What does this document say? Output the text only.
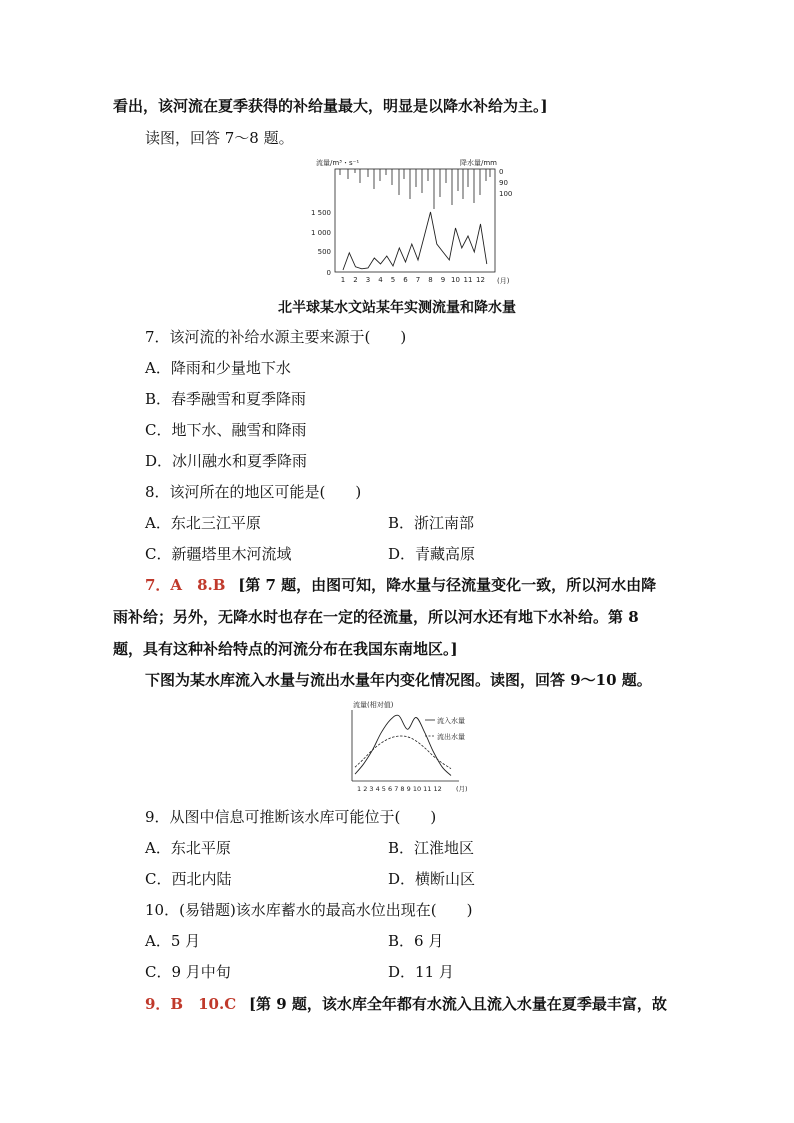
看出，该河流在夏季获得的补给量最大，明显是以降水补给为主。]
读图，回答 7～8 题。
流量/m³・s⁻¹	降水量/mm
1 500
1 000
500
0
0
90
100
1 2 3 4 5 6 7 8 9 10 11 12 (月)
北半球某水文站某年实测流量和降水量
7．该河流的补给水源主要来源于(　　)
A．降雨和少量地下水
B．春季融雪和夏季降雨
C．地下水、融雪和降雨
D．冰川融水和夏季降雨
8．该河所在的地区可能是(　　)
A．东北三江平原	B．浙江南部
C．新疆塔里木河流域	D．青藏高原
7．A　8.B [第 7 题，由图可知，降水量与径流量变化一致，所以河水由降
雨补给；另外，无降水时也存在一定的径流量，所以河水还有地下水补给。第 8
题，具有这种补给特点的河流分布在我国东南地区。]
下图为某水库流入水量与流出水量年内变化情况图。读图，回答 9～10 题。
流量(相对值)
流入水量
流出水量
1 2 3 4 5 6 7 8 9 10 11 12 (月)
9．从图中信息可推断该水库可能位于(　　)
A．东北平原	B．江淮地区
C．西北内陆	D．横断山区
10．(易错题)该水库蓄水的最高水位出现在(　　)
A．5 月	B．6 月
C．9 月中旬	D．11 月
9．B　10.C [第 9 题，该水库全年都有水流入且流入水量在夏季最丰富，故
